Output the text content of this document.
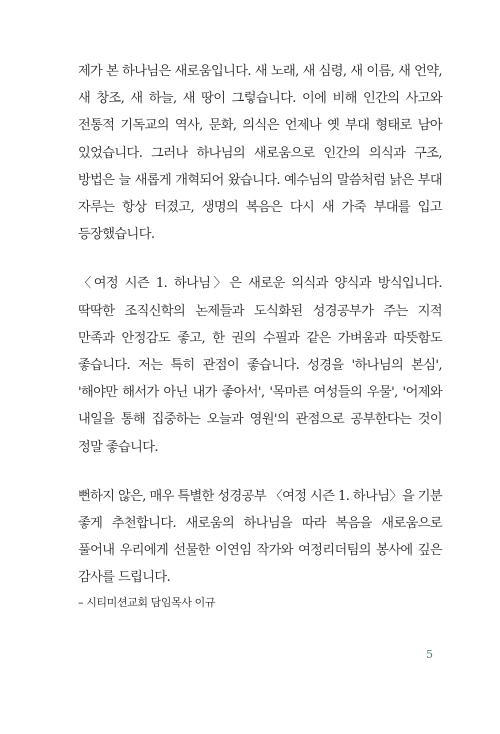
제가 본 하나님은 새로움입니다. 새 노래, 새 심령, 새 이름, 새 언약, 새 창조, 새 하늘, 새 땅이 그렇습니다. 이에 비해 인간의 사고와 전통적 기독교의 역사, 문화, 의식은 언제나 옛 부대 형태로 남아 있었습니다. 그러나 하나님의 새로움으로 인간의 의식과 구조, 방법은 늘 새롭게 개혁되어 왔습니다. 예수님의 말씀처럼 낡은 부대 자루는 항상 터졌고, 생명의 복음은 다시 새 가죽 부대를 입고 등장했습니다.

〈여정 시즌 1. 하나님〉은 새로운 의식과 양식과 방식입니다. 딱딱한 조직신학의 논제들과 도식화된 성경공부가 주는 지적 만족과 안정감도 좋고, 한 권의 수필과 같은 가벼움과 따뜻함도 좋습니다. 저는 특히 관점이 좋습니다. 성경을 '하나님의 본심', '해야만 해서가 아닌 내가 좋아서', '목마른 여성들의 우물', '어제와 내일을 통해 집중하는 오늘과 영원'의 관점으로 공부한다는 것이 정말 좋습니다.

뻔하지 않은, 매우 특별한 성경공부 〈여정 시즌 1. 하나님〉을 기분 좋게 추천합니다. 새로움의 하나님을 따라 복음을 새로움으로 풀어내 우리에게 선물한 이연임 작가와 여정리더팀의 봉사에 깊은 감사를 드립니다.

– 시티미션교회 담임목사 이규
5
